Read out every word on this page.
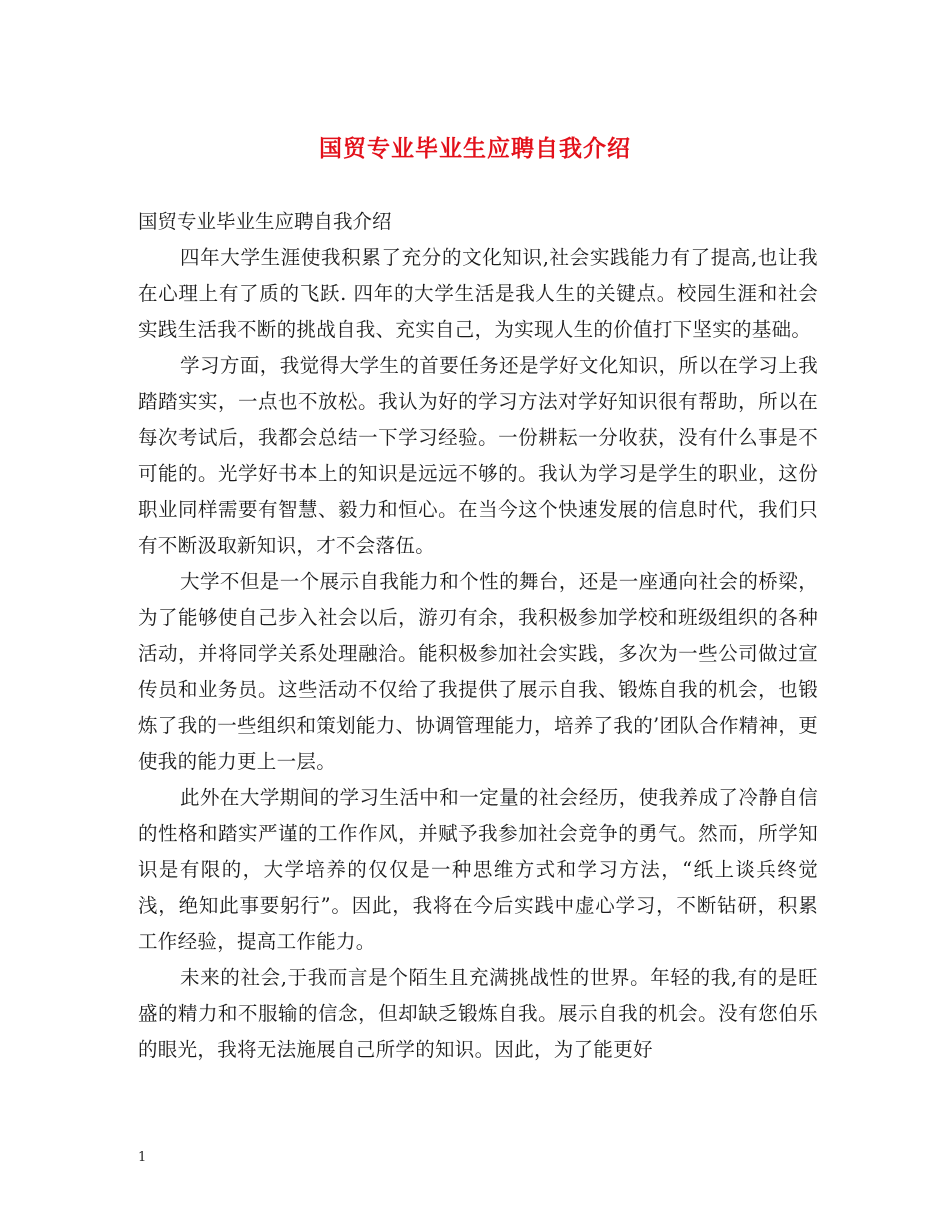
国贸专业毕业生应聘自我介绍

国贸专业毕业生应聘自我介绍

四年大学生涯使我积累了充分的文化知识,社会实践能力有了提高,也让我在心理上有了质的飞跃. 四年的大学生活是我人生的关键点。校园生涯和社会实践生活我不断的挑战自我、充实自己，为实现人生的价值打下坚实的基础。

学习方面，我觉得大学生的首要任务还是学好文化知识，所以在学习上我踏踏实实，一点也不放松。我认为好的学习方法对学好知识很有帮助，所以在每次考试后，我都会总结一下学习经验。一份耕耘一分收获，没有什么事是不可能的。光学好书本上的知识是远远不够的。我认为学习是学生的职业，这份职业同样需要有智慧、毅力和恒心。在当今这个快速发展的信息时代，我们只有不断汲取新知识，才不会落伍。

大学不但是一个展示自我能力和个性的舞台，还是一座通向社会的桥梁，为了能够使自己步入社会以后，游刃有余，我积极参加学校和班级组织的各种活动，并将同学关系处理融洽。能积极参加社会实践，多次为一些公司做过宣传员和业务员。这些活动不仅给了我提供了展示自我、锻炼自我的机会，也锻炼了我的一些组织和策划能力、协调管理能力，培养了我的’团队合作精神，更使我的能力更上一层。

此外在大学期间的学习生活中和一定量的社会经历，使我养成了冷静自信的性格和踏实严谨的工作作风，并赋予我参加社会竞争的勇气。然而，所学知识是有限的，大学培养的仅仅是一种思维方式和学习方法，“纸上谈兵终觉浅，绝知此事要躬行”。因此，我将在今后实践中虚心学习，不断钻研，积累工作经验，提高工作能力。

未来的社会,于我而言是个陌生且充满挑战性的世界。年轻的我,有的是旺盛的精力和不服输的信念，但却缺乏锻炼自我。展示自我的机会。没有您伯乐的眼光，我将无法施展自己所学的知识。因此，为了能更好

1
